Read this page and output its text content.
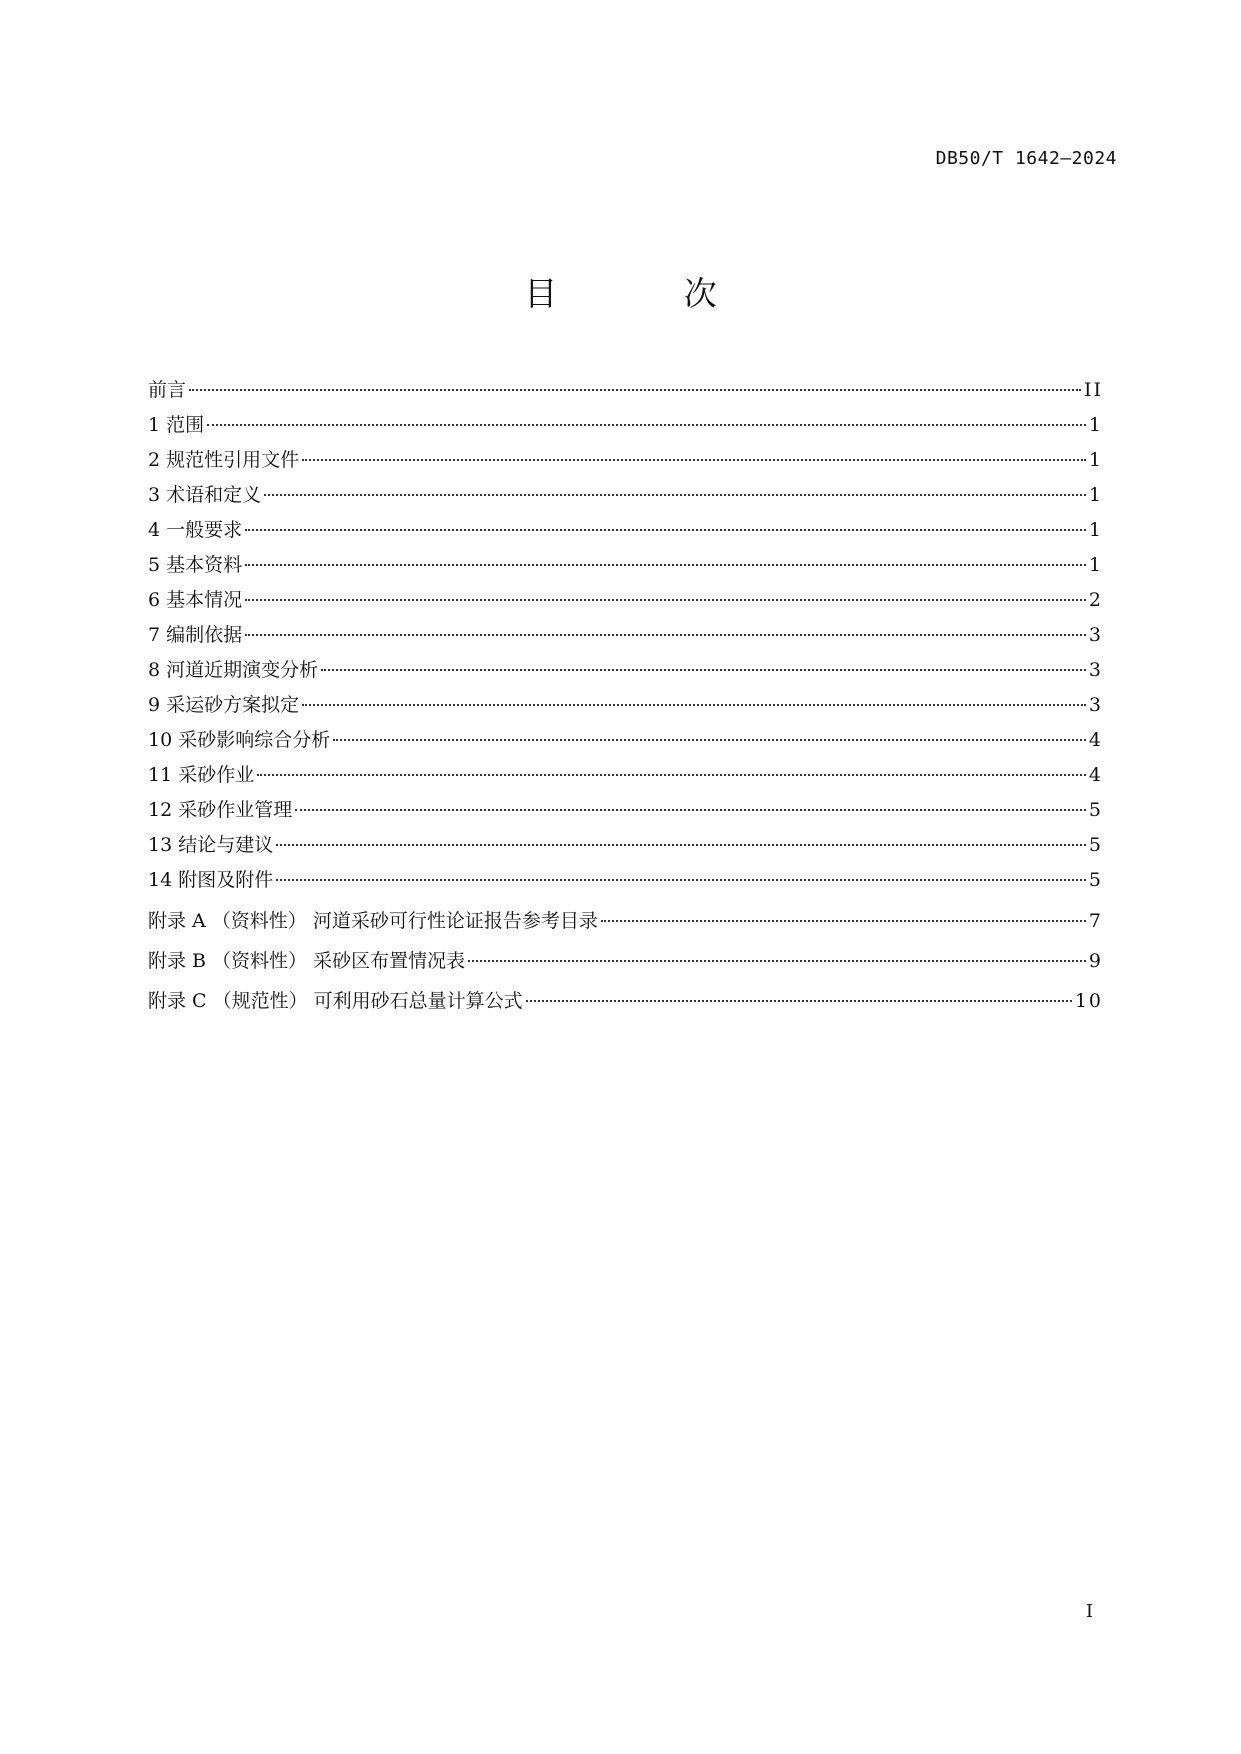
DB50/T 1642—2024
目 次
前言	II
1 范围	1
2 规范性引用文件	1
3 术语和定义	1
4 一般要求	1
5 基本资料	1
6 基本情况	2
7 编制依据	3
8 河道近期演变分析	3
9 采运砂方案拟定	3
10 采砂影响综合分析	4
11 采砂作业	4
12 采砂作业管理	5
13 结论与建议	5
14 附图及附件	5
附录 A （资料性） 河道采砂可行性论证报告参考目录	7
附录 B （资料性） 采砂区布置情况表	9
附录 C （规范性） 可利用砂石总量计算公式	10
I
